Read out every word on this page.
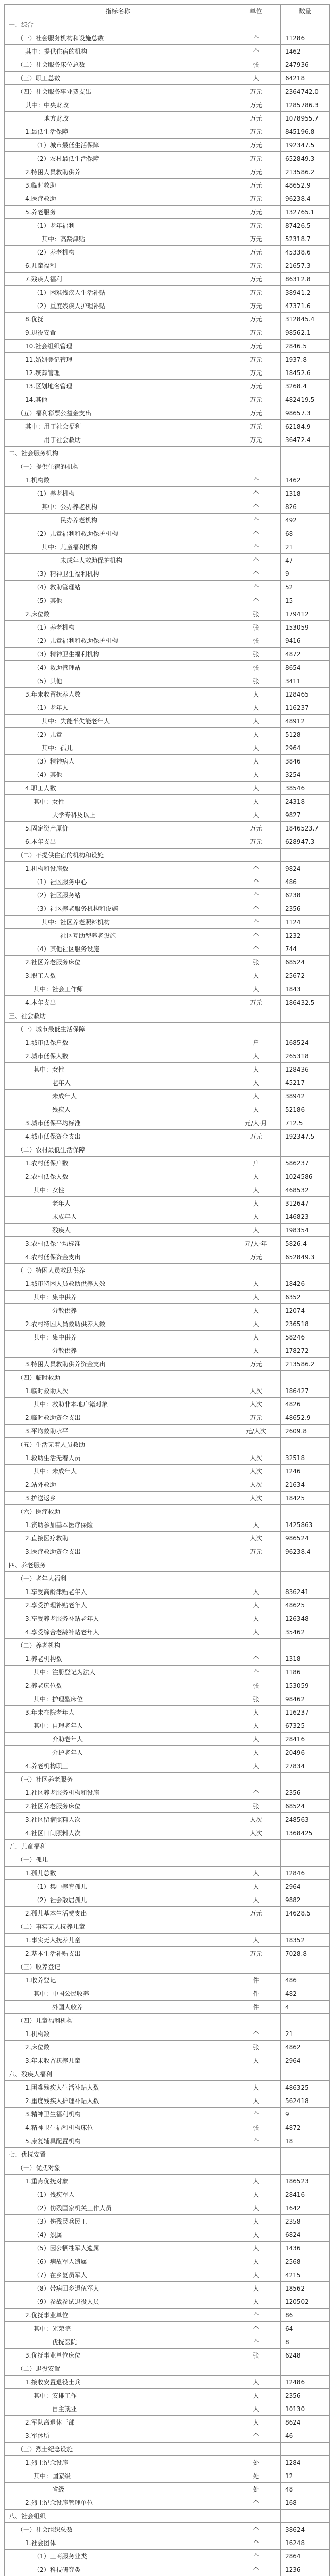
指标名称	单位	数量
一、综合
（一）社会服务机构和设施总数	个	11286
其中：提供住宿的机构	个	1462
（二）社会服务床位总数	张	247936
（三）职工总数	人	64218
（四）社会服务事业费支出	万元	2364742.0
其中：中央财政	万元	1285786.3
地方财政	万元	1078955.7
1.最低生活保障	万元	845196.8
（1）城市最低生活保障	万元	192347.5
（2）农村最低生活保障	万元	652849.3
2.特困人员救助供养	万元	213586.2
3.临时救助	万元	48652.9
4.医疗救助	万元	96238.4
5.养老服务	万元	132765.1
（1）老年福利	万元	87426.5
其中：高龄津贴	万元	52318.7
（2）养老机构	万元	45338.6
6.儿童福利	万元	21657.3
7.残疾人福利	万元	86312.8
（1）困难残疾人生活补贴	万元	38941.2
（2）重度残疾人护理补贴	万元	47371.6
8.优抚	万元	312845.4
9.退役安置	万元	98562.1
10.社会组织管理	万元	2846.5
11.婚姻登记管理	万元	1937.8
12.殡葬管理	万元	18452.6
13.区划地名管理	万元	3268.4
14.其他	万元	482419.5
（五）福利彩票公益金支出	万元	98657.3
其中：用于社会福利	万元	62184.9
用于社会救助	万元	36472.4
二、社会服务机构
（一）提供住宿的机构
1.机构数	个	1462
（1）养老机构	个	1318
其中：公办养老机构	个	826
民办养老机构	个	492
（2）儿童福利和救助保护机构	个	68
其中：儿童福利机构	个	21
未成年人救助保护机构	个	47
（3）精神卫生福利机构	个	9
（4）救助管理站	个	52
（5）其他	个	15
2.床位数	张	179412
（1）养老机构	张	153059
（2）儿童福利和救助保护机构	张	9416
（3）精神卫生福利机构	张	4872
（4）救助管理站	张	8654
（5）其他	张	3411
3.年末收留抚养人数	人	128465
（1）老年人	人	116237
其中：失能半失能老年人	人	48912
（2）儿童	人	5128
其中：孤儿	人	2964
（3）精神病人	人	3846
（4）其他	人	3254
4.职工人数	人	38546
其中：女性	人	24318
大学专科及以上	人	9827
5.固定资产原价	万元	1846523.7
6.本年支出	万元	628947.3
（二）不提供住宿的机构和设施
1.机构和设施数	个	9824
（1）社区服务中心	个	486
（2）社区服务站	个	6238
（3）社区养老服务机构和设施	个	2356
其中：社区养老照料机构	个	1124
社区互助型养老设施	个	1232
（4）其他社区服务设施	个	744
2.社区养老服务床位	张	68524
3.职工人数	人	25672
其中：社会工作师	人	1843
4.本年支出	万元	186432.5
三、社会救助
（一）城市最低生活保障
1.城市低保户数	户	168524
2.城市低保人数	人	265318
其中：女性	人	128436
老年人	人	45217
未成年人	人	38942
残疾人	人	52186
3.城市低保平均标准	元/人·月	712.5
4.城市低保资金支出	万元	192347.5
（二）农村最低生活保障
1.农村低保户数	户	586237
2.农村低保人数	人	1024586
其中：女性	人	468532
老年人	人	312647
未成年人	人	146823
残疾人	人	198354
3.农村低保平均标准	元/人·年	5826.4
4.农村低保资金支出	万元	652849.3
（三）特困人员救助供养
1.城市特困人员救助供养人数	人	18426
其中：集中供养	人	6352
分散供养	人	12074
2.农村特困人员救助供养人数	人	236518
其中：集中供养	人	58246
分散供养	人	178272
3.特困人员救助供养资金支出	万元	213586.2
（四）临时救助
1.临时救助人次	人次	186427
其中：救助非本地户籍对象	人次	4826
2.临时救助资金支出	万元	48652.9
3.平均救助水平	元/人次	2609.8
（五）生活无着人员救助
1.救助生活无着人员	人次	32518
其中：未成年人	人次	1246
2.站外救助	人次	21634
3.护送返乡	人次	18425
（六）医疗救助
1.资助参加基本医疗保险	人	1425863
2.直接医疗救助	人次	986524
3.医疗救助资金支出	万元	96238.4
四、养老服务
（一）老年人福利
1.享受高龄津贴老年人	人	836241
2.享受护理补贴老年人	人	48625
3.享受养老服务补贴老年人	人	126348
4.享受综合老龄补贴老年人	人	35462
（二）养老机构
1.养老机构数	个	1318
其中：注册登记为法人	个	1186
2.养老床位数	张	153059
其中：护理型床位	张	98462
3.年末在院老年人	人	116237
其中：自理老年人	人	67325
介助老年人	人	28416
介护老年人	人	20496
4.养老机构职工	人	27834
（三）社区养老服务
1.社区养老服务机构和设施	个	2356
2.社区养老服务床位	张	68524
3.社区留宿照料人次	人次	248563
4.社区日间照料人次	人次	1368425
五、儿童福利
（一）孤儿
1.孤儿总数	人	12846
（1）集中养育孤儿	人	2964
（2）社会散居孤儿	人	9882
2.孤儿基本生活费支出	万元	14628.5
（二）事实无人抚养儿童
1.事实无人抚养儿童	人	18352
2.基本生活补贴支出	万元	7028.8
（三）收养登记
1.收养登记	件	486
其中：中国公民收养	件	482
外国人收养	件	4
（四）儿童福利机构
1.机构数	个	21
2.床位数	张	4862
3.年末收留抚养儿童	人	2964
六、残疾人福利
1.困难残疾人生活补贴人数	人	486325
2.重度残疾人护理补贴人数	人	562418
3.精神卫生福利机构	个	9
4.精神卫生福利机构床位	张	4872
5.康复辅具配置机构	个	18
七、优抚安置
（一）优抚对象
1.重点优抚对象	人	186523
（1）残疾军人	人	28416
（2）伤残国家机关工作人员	人	1642
（3）伤残民兵民工	人	2358
（4）烈属	人	6824
（5）因公牺牲军人遗属	人	1436
（6）病故军人遗属	人	2568
（7）在乡复员军人	人	4215
（8）带病回乡退伍军人	人	18562
（9）参战参试退役人员	人	120502
2.优抚事业单位	个	86
其中：光荣院	个	64
优抚医院	个	8
3.优抚事业单位床位	张	6248
（二）退役安置
1.接收安置退役士兵	人	12486
其中：安排工作	人	2356
自主就业	人	10130
2.军队离退休干部	人	8624
3.军休所	个	46
（三）烈士纪念设施
1.烈士纪念设施	处	1284
其中：国家级	处	12
省级	处	48
2.烈士纪念设施管理单位	个	168
八、社会组织
（一）社会组织总数	个	38624
1.社会团体	个	16248
（1）工商服务业类	个	2864
（2）科技研究类	个	1236
